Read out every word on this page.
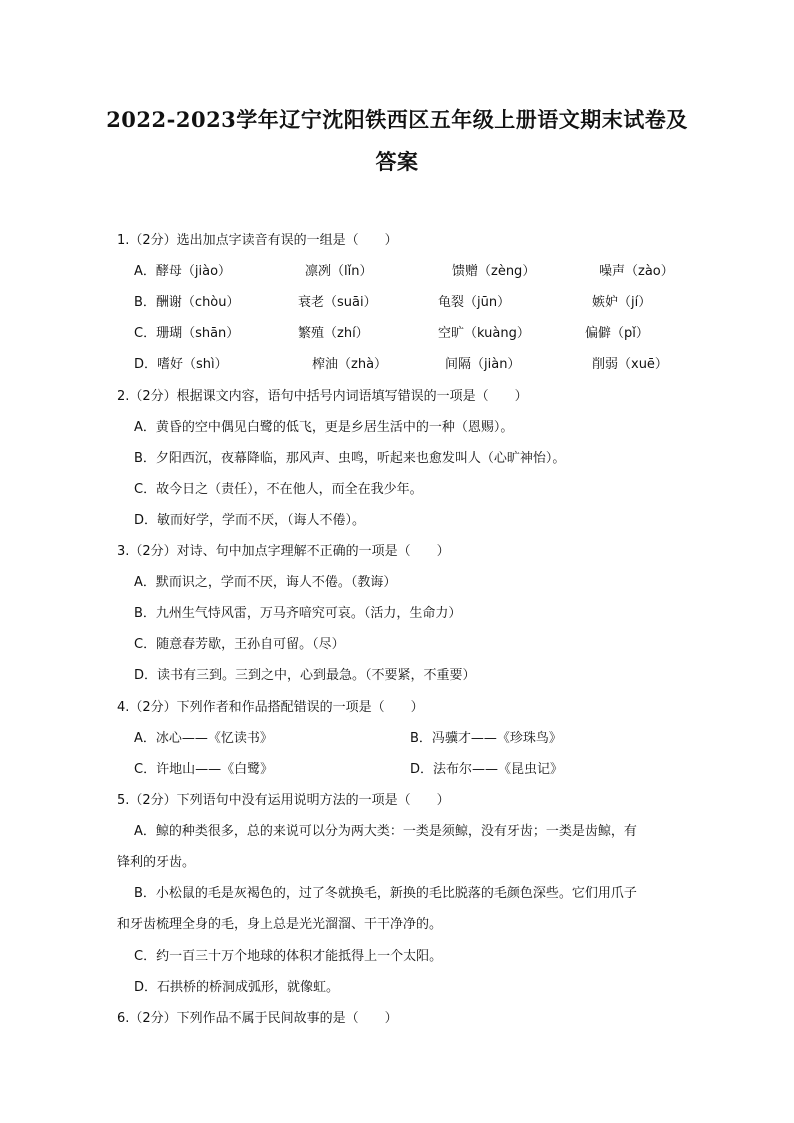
2022-2023学年辽宁沈阳铁西区五年级上册语文期末试卷及
答案
1.（2分）选出加点字读音有误的一组是（　　）
A．酵母（jiào）	凛冽（lǐn）	馈赠（zèng）	噪声（zào）
B．酬谢（chòu）	衰老（suāi）	龟裂（jūn）	嫉妒（jí）
C．珊瑚（shān）	繁殖（zhí）	空旷（kuàng）	偏僻（pǐ）
D．嗜好（shì）	榨油（zhà）	间隔（jiàn）	削弱（xuē）
2.（2分）根据课文内容，语句中括号内词语填写错误的一项是（　　）
A．黄昏的空中偶见白鹭的低飞，更是乡居生活中的一种（恩赐）。
B．夕阳西沉，夜幕降临，那风声、虫鸣，听起来也愈发叫人（心旷神怡）。
C．故今日之（责任），不在他人，而全在我少年。
D．敏而好学，学而不厌，（诲人不倦）。
3.（2分）对诗、句中加点字理解不正确的一项是（　　）
A．默而识之，学而不厌，诲人不倦。（教诲）
B．九州生气恃风雷，万马齐喑究可哀。（活力，生命力）
C．随意春芳歇，王孙自可留。（尽）
D．读书有三到。三到之中，心到最急。（不要紧，不重要）
4.（2分）下列作者和作品搭配错误的一项是（　　）
A．冰心——《忆读书》	B．冯骥才——《珍珠鸟》
C．许地山——《白鹭》	D．法布尔——《昆虫记》
5.（2分）下列语句中没有运用说明方法的一项是（　　）
A．鲸的种类很多，总的来说可以分为两大类：一类是须鲸，没有牙齿；一类是齿鲸，有
锋利的牙齿。
B．小松鼠的毛是灰褐色的，过了冬就换毛，新换的毛比脱落的毛颜色深些。它们用爪子
和牙齿梳理全身的毛，身上总是光光溜溜、干干净净的。
C．约一百三十万个地球的体积才能抵得上一个太阳。
D．石拱桥的桥洞成弧形，就像虹。
6.（2分）下列作品不属于民间故事的是（　　）
